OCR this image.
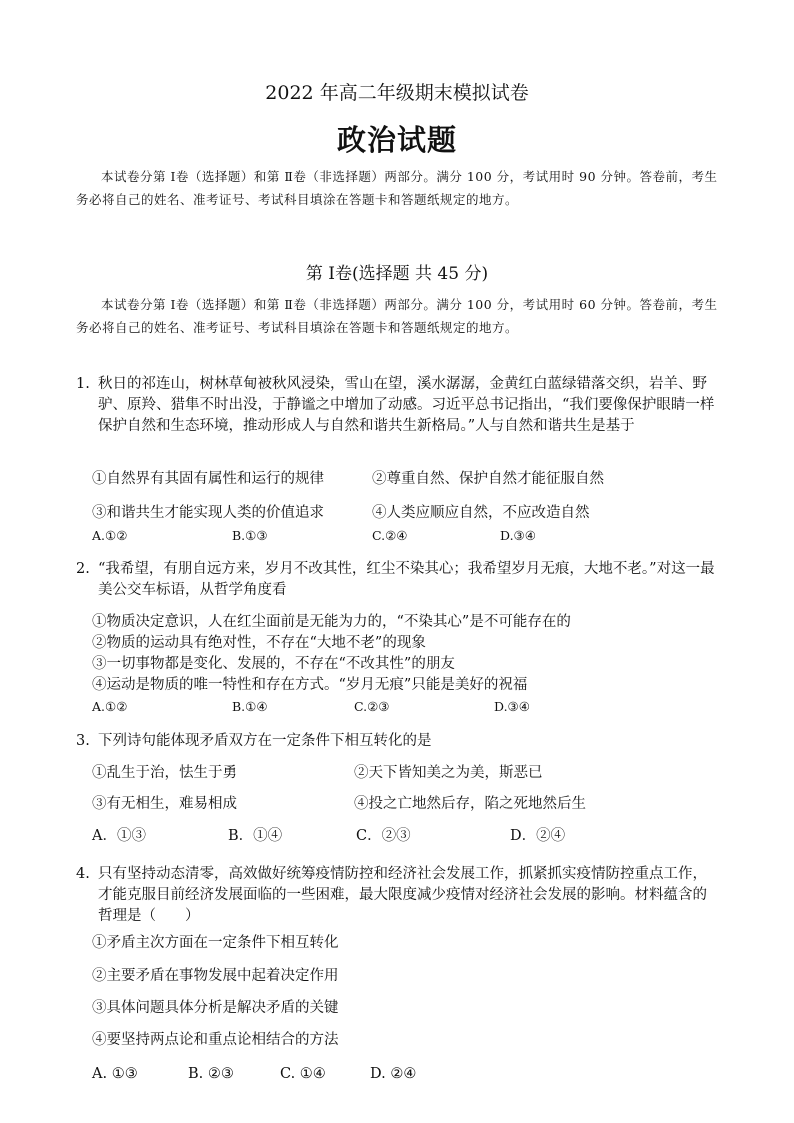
2022 年高二年级期末模拟试卷
政治试题
本试卷分第 Ⅰ卷（选择题）和第 Ⅱ卷（非选择题）两部分。满分 100 分，考试用时 90 分钟。答卷前，考生务必将自己的姓名、准考证号、考试科目填涂在答题卡和答题纸规定的地方。
第 Ⅰ卷(选择题 共 45 分)
本试卷分第 Ⅰ卷（选择题）和第 Ⅱ卷（非选择题）两部分。满分 100 分，考试用时 60 分钟。答卷前，考生务必将自己的姓名、准考证号、考试科目填涂在答题卡和答题纸规定的地方。
1. 秋日的祁连山，树林草甸被秋风浸染，雪山在望，溪水潺潺，金黄红白蓝绿错落交织，岩羊、野驴、原羚、猎隼不时出没，于静谧之中增加了动感。习近平总书记指出，“我们要像保护眼睛一样保护自然和生态环境，推动形成人与自然和谐共生新格局。”人与自然和谐共生是基于
①自然界有其固有属性和运行的规律	②尊重自然、保护自然才能征服自然
③和谐共生才能实现人类的价值追求	④人类应顺应自然，不应改造自然
A.①②	B.①③	C.②④	D.③④
2. “我希望，有朋自远方来，岁月不改其性，红尘不染其心；我希望岁月无痕，大地不老。”对这一最美公交车标语，从哲学角度看
①物质决定意识，人在红尘面前是无能为力的，“不染其心”是不可能存在的
②物质的运动具有绝对性，不存在“大地不老”的现象
③一切事物都是变化、发展的，不存在“不改其性”的朋友
④运动是物质的唯一特性和存在方式。“岁月无痕”只能是美好的祝福
A.①②	B.①④	C.②③	D.③④
3. 下列诗句能体现矛盾双方在一定条件下相互转化的是
①乱生于治，怯生于勇	②天下皆知美之为美，斯恶已
③有无相生，难易相成	④投之亡地然后存，陷之死地然后生
A．①③	B．①④	C．②③	D．②④
4. 只有坚持动态清零，高效做好统筹疫情防控和经济社会发展工作，抓紧抓实疫情防控重点工作，才能克服目前经济发展面临的一些困难，最大限度减少疫情对经济社会发展的影响。材料蕴含的哲理是（　　）
①矛盾主次方面在一定条件下相互转化
②主要矛盾在事物发展中起着决定作用
③具体问题具体分析是解决矛盾的关键
④要坚持两点论和重点论相结合的方法
A. ①③	B. ②③	C. ①④	D. ②④
